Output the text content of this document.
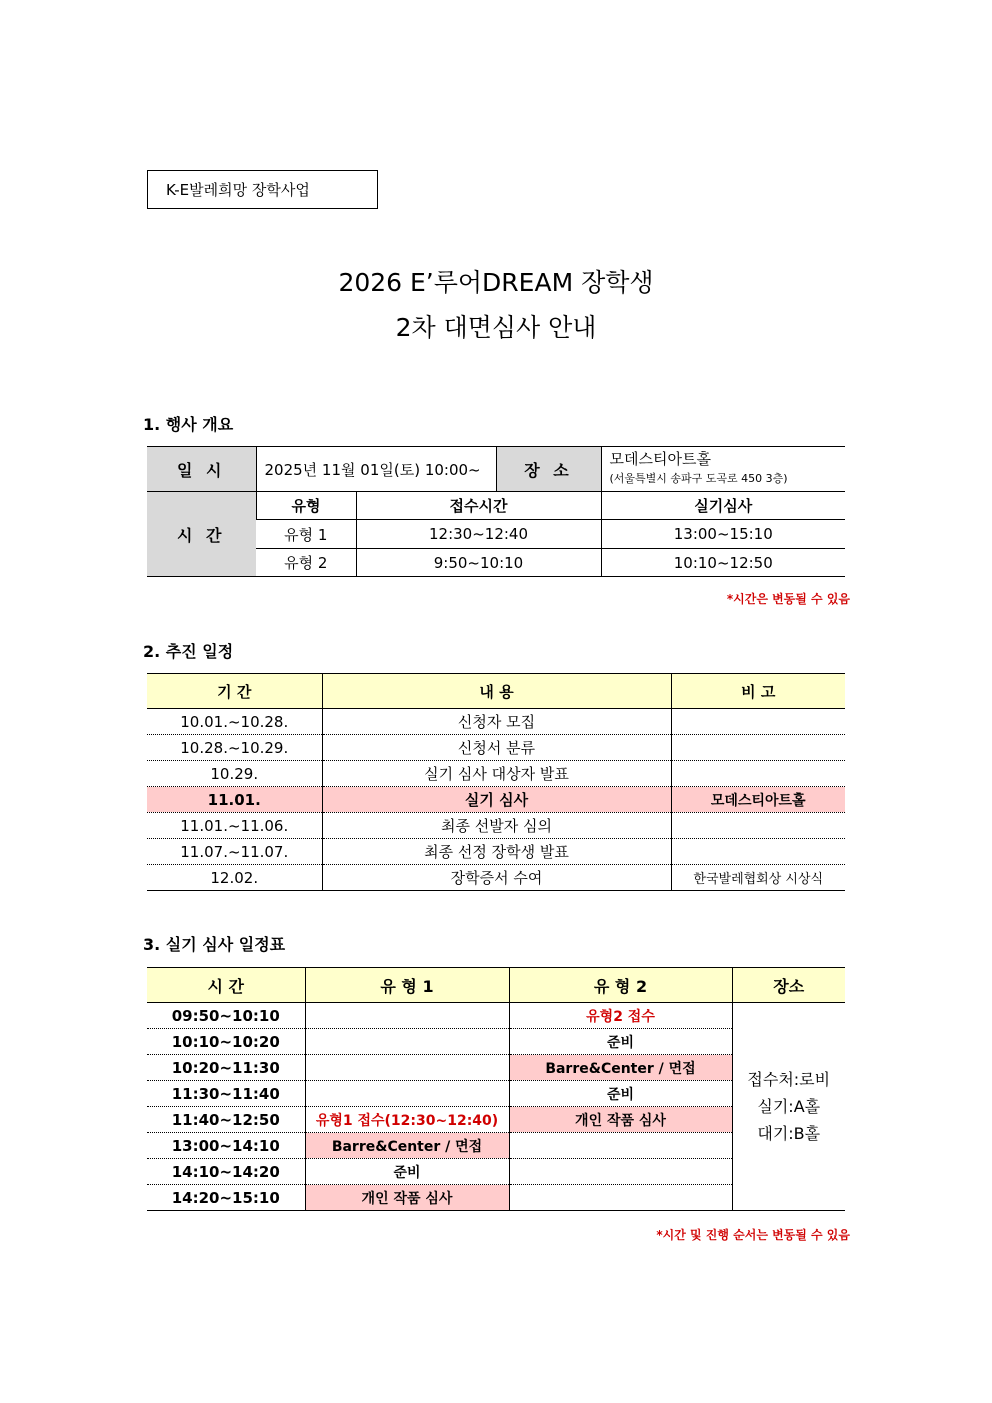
K-E발레희망 장학사업
2026 E’루어DREAM 장학생
2차 대면심사 안내
1. 행사 개요
일 시	2025년 11월 01일(토) 10:00~		장 소	모데스티아트홀
(서울특별시 송파구 도곡로 450 3층)

시 간	유형	접수시간		실기심사
	유형 1	12:30~12:40		13:00~15:10
	유형 2	9:50~10:10		10:10~12:50
*시간은 변동될 수 있음
2. 추진 일정
기 간	내 용	비 고
10.01.~10.28.	신청자 모집	
10.28.~10.29.	신청서 분류	
10.29.	실기 심사 대상자 발표	
11.01.	실기 심사	모데스티아트홀
11.01.~11.06.	최종 선발자 심의	
11.07.~11.07.	최종 선정 장학생 발표	
12.02.	장학증서 수여	한국발레협회상 시상식
3. 실기 심사 일정표
시 간	유 형 1	유 형 2	장소
09:50~10:10		유형2 접수	접수처:로비
실기:A홀
대기:B홀

10:10~10:20		준비	
10:20~11:30		Barre&Center / 면접	
11:30~11:40		준비	
11:40~12:50	유형1 접수(12:30~12:40)	개인 작품 심사	
13:00~14:10	Barre&Center / 면접		
14:10~14:20	준비		
14:20~15:10	개인 작품 심사		
*시간 및 진행 순서는 변동될 수 있음
